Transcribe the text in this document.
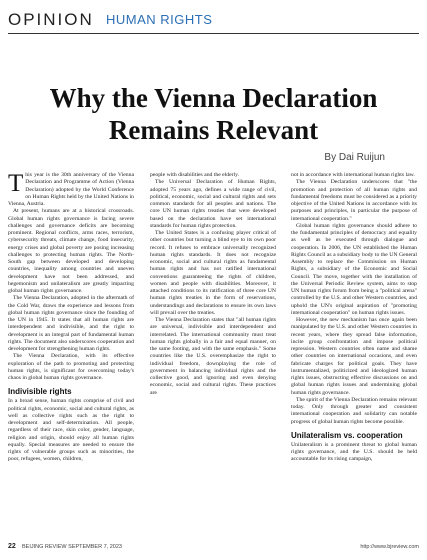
OPINION HUMAN RIGHTS
Why the Vienna Declaration
Remains Relevant
By Dai Ruijun

This year is the 30th anniversary of the Vienna Declaration and Programme of Action (Vienna Declaration) adopted by the World Conference on Human Rights held by the United Nations in Vienna, Austria.

At present, humans are at a historical crossroads. Global human rights governance is facing severe challenges and governance deficits are becoming prominent. Regional conflicts, arms races, terrorism, cybersecurity threats, climate change, food insecurity, energy crises and global poverty are posing increasing challenges to protecting human rights. The North-South gap between developed and developing countries, inequality among countries and uneven development have not been addressed, and hegemonism and unilateralism are greatly impacting global human rights governance.

The Vienna Declaration, adopted in the aftermath of the Cold War, draws the experience and lessons from global human rights governance since the founding of the UN in 1945. It states that all human rights are interdependent and indivisible, and the right to development is an integral part of fundamental human rights. The document also underscores cooperation and development for strengthening human rights.

The Vienna Declaration, with its effective exploration of the path to promoting and protecting human rights, is significant for overcoming today's chaos in global human rights governance.

Indivisible rights

In a broad sense, human rights comprise of civil and political rights, economic, social and cultural rights, as well as collective rights such as the right to development and self-determination. All people, regardless of their race, skin color, gender, language, religion and origin, should enjoy all human rights equally. Special measures are needed to ensure the rights of vulnerable groups such as minorities, the poor, refugees, women, children,

people with disabilities and the elderly.

The Universal Declaration of Human Rights, adopted 75 years ago, defines a wide range of civil, political, economic, social and cultural rights and sets common standards for all peoples and nations. The core UN human rights treaties that were developed based on the declaration have set international standards for human rights protection.

The United States is a confusing player critical of other countries but turning a blind eye to its own poor record. It refuses to embrace universally recognized human rights standards. It does not recognize economic, social and cultural rights as fundamental human rights and has not ratified international conventions guaranteeing the rights of children, women and people with disabilities. Moreover, it attached conditions to its ratification of three core UN human rights treaties in the form of reservations, understandings and declarations to ensure its own laws will prevail over the treaties.

The Vienna Declaration states that "all human rights are universal, indivisible and interdependent and interrelated. The international community must treat human rights globally in a fair and equal manner, on the same footing, and with the same emphasis." Some countries like the U.S. overemphasize the right to individual freedom, downplaying the role of government in balancing individual rights and the collective good, and ignoring and even denying economic, social and cultural rights. These practices are

not in accordance with international human rights law.

The Vienna Declaration underscores that "the promotion and protection of all human rights and fundamental freedoms must be considered as a priority objective of the United Nations in accordance with its purposes and principles, in particular the purpose of international cooperation."

Global human rights governance should adhere to the fundamental principles of democracy and equality as well as be executed through dialogue and cooperation. In 2006, the UN established the Human Rights Council as a subsidiary body to the UN General Assembly to replace the Commission on Human Rights, a subsidiary of the Economic and Social Council. The move, together with the installation of the Universal Periodic Review system, aims to stop UN human rights forum from being a "political arena" controlled by the U.S. and other Western countries, and uphold the UN's original aspiration of "promoting international cooperation" on human rights issues.

However, the new mechanism has once again been manipulated by the U.S. and other Western countries in recent years, where they spread false information, incite group confrontation and impose political repression. Western countries often name and shame other countries on international occasions, and even fabricate charges for political goals. They have instrumentalized, politicized and ideologized human rights issues, obstructing effective discussions on and global human rights issues and undermining global human rights governance.

The spirit of the Vienna Declaration remains relevant today. Only through greater and consistent international cooperation and solidarity can notable progress of global human rights become possible.

Unilateralism vs. cooperation

Unilateralism is a prominent threat to global human rights governance, and the U.S. should be held accountable for its rising campaign,

22 BEIJING REVIEW SEPTEMBER 7, 2023	http://www.bjreview.com
